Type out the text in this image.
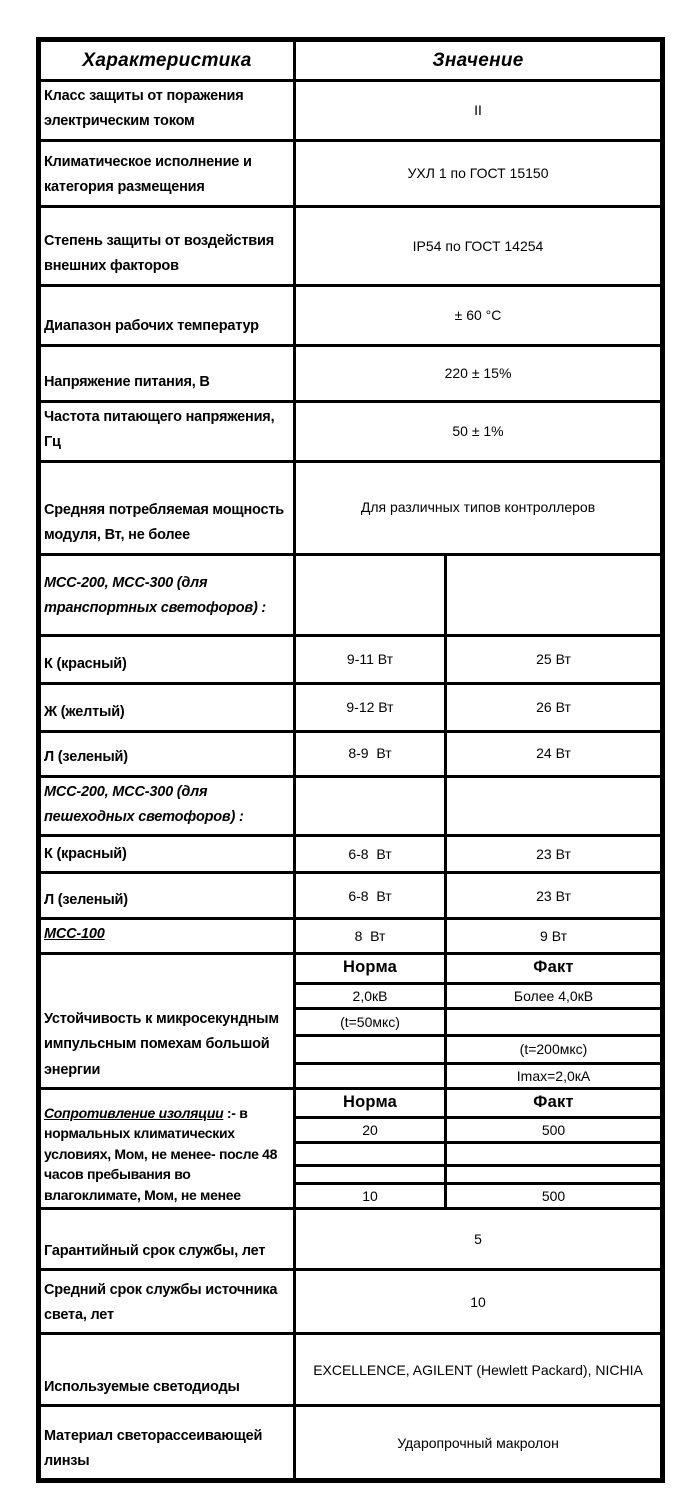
Характеристика	Значение	
Класс защиты от поражения электрическим током	II	
Климатическое исполнение и категория размещения	УХЛ 1 по ГОСТ 15150	
Степень защиты от воздействия внешних факторов	IP54 по ГОСТ 14254	
Диапазон рабочих температур	± 60 °C	
Напряжение питания, В	220 ± 15%	
Частота питающего напряжения, Гц	50 ± 1%	
Средняя потребляемая мощность модуля, Вт, не более	Для различных типов контроллеров	
МСС-200, МСС-300 (для транспортных светофоров) :		
К (красный)	9-11 Вт	25 Вт
Ж (желтый)	9-12 Вт	26 Вт
Л (зеленый)	8-9  Вт	24 Вт
МСС-200, МСС-300 (для пешеходных светофоров) :		
К (красный)	6-8  Вт	23 Вт
Л (зеленый)	6-8  Вт	23 Вт
МСС-100	8  Вт	9 Вт
Устойчивость к микросекундным импульсным помехам большой энергии	Норма	Факт
	2,0кВ	Более 4,0кВ
	(t=50мкс)	
		(t=200мкс)
		Imax=2,0кА
Сопротивление изоляции :- в нормальных климатических условиях, Мом, не менее- после 48 часов пребывания во влагоклимате, Мом, не менее	Норма	Факт
	20	500

	10	500
Гарантийный срок службы, лет	5	
Средний срок службы источника света, лет	10	
Используемые светодиоды	EXCELLENCE, AGILENT (Hewlett Packard), NICHIA	
Материал светорассеивающей линзы	Ударопрочный макролон	
